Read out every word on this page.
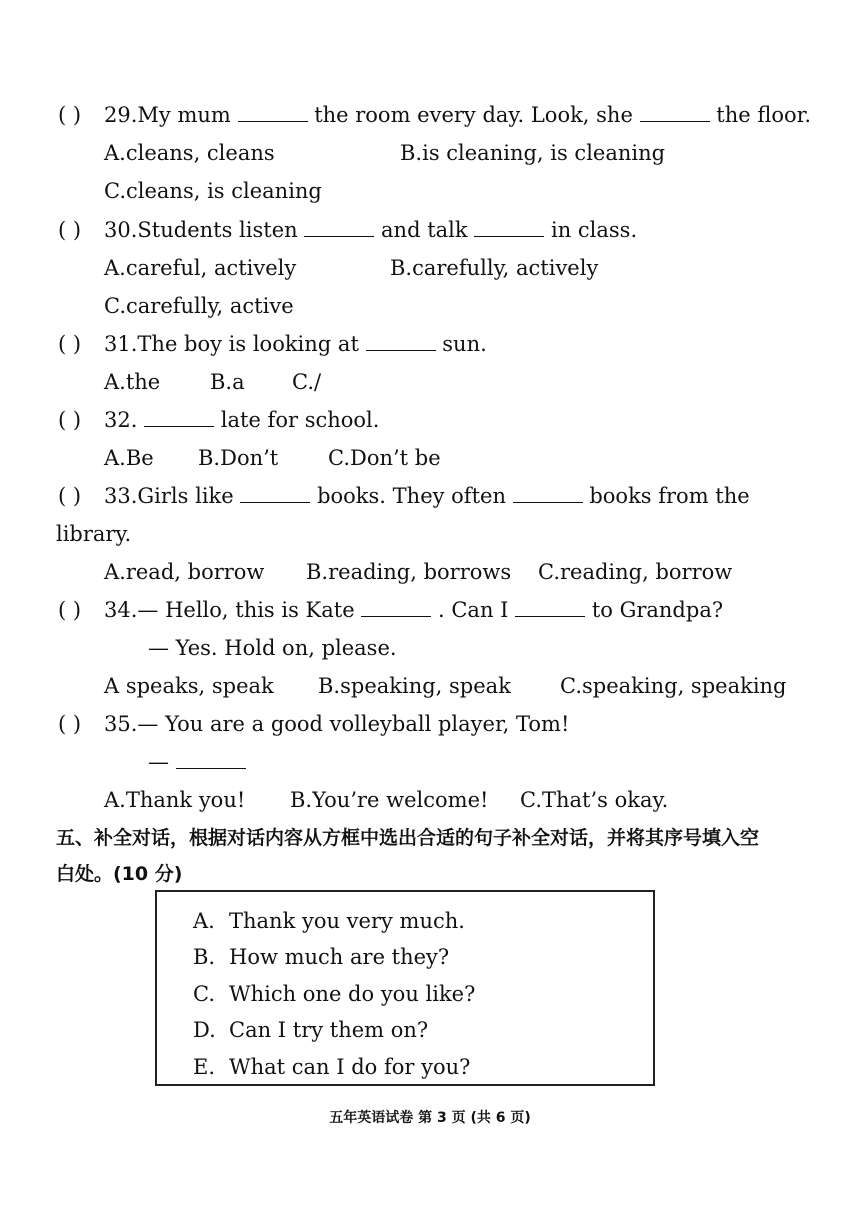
( ) 29.My mum	the room every day. Look, she	the floor.
A.cleans, cleans	B.is cleaning, is cleaning
C.cleans, is cleaning
( ) 30.Students listen	and talk	in class.
A.careful, actively	B.carefully, actively
C.carefully, active
( ) 31.The boy is looking at	sun.
A.the B.a C./
( ) 32.	late for school.
A.Be B.Don’t C.Don’t be
( ) 33.Girls like	books. They often	books from the
library.
A.read, borrow B.reading, borrows C.reading, borrow
( ) 34.— Hello, this is Kate	. Can I	to Grandpa?
— Yes. Hold on, please.
A speaks, speak B.speaking, speak C.speaking, speaking
( ) 35.— You are a good volleyball player, Tom!
—
A.Thank you! B.You’re welcome! C.That’s okay.
五、补全对话，根据对话内容从方框中选出合适的句子补全对话，并将其序号填入空
白处。(10 分)
A. Thank you very much.
B. How much are they?
C. Which one do you like?
D. Can I try them on?
E. What can I do for you?
五年英语试卷 第 3 页 (共 6 页)
